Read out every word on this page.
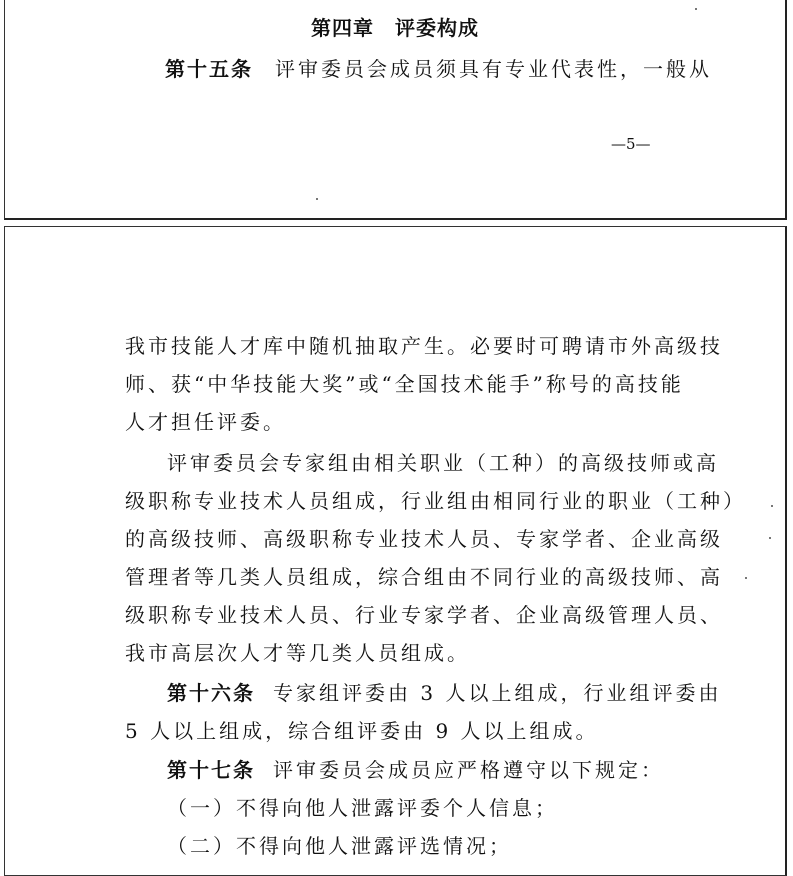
第四章　评委构成
第十五条 评审委员会成员须具有专业代表性，一般从
—5—
我市技能人才库中随机抽取产生。必要时可聘请市外高级技
师、获“中华技能大奖”或“全国技术能手”称号的高技能
人才担任评委。
评审委员会专家组由相关职业（工种）的高级技师或高
级职称专业技术人员组成，行业组由相同行业的职业（工种）
的高级技师、高级职称专业技术人员、专家学者、企业高级
管理者等几类人员组成，综合组由不同行业的高级技师、高
级职称专业技术人员、行业专家学者、企业高级管理人员、
我市高层次人才等几类人员组成。
第十六条 专家组评委由 3 人以上组成，行业组评委由
5 人以上组成，综合组评委由 9 人以上组成。
第十七条 评审委员会成员应严格遵守以下规定：
（一）不得向他人泄露评委个人信息；
（二）不得向他人泄露评选情况；
